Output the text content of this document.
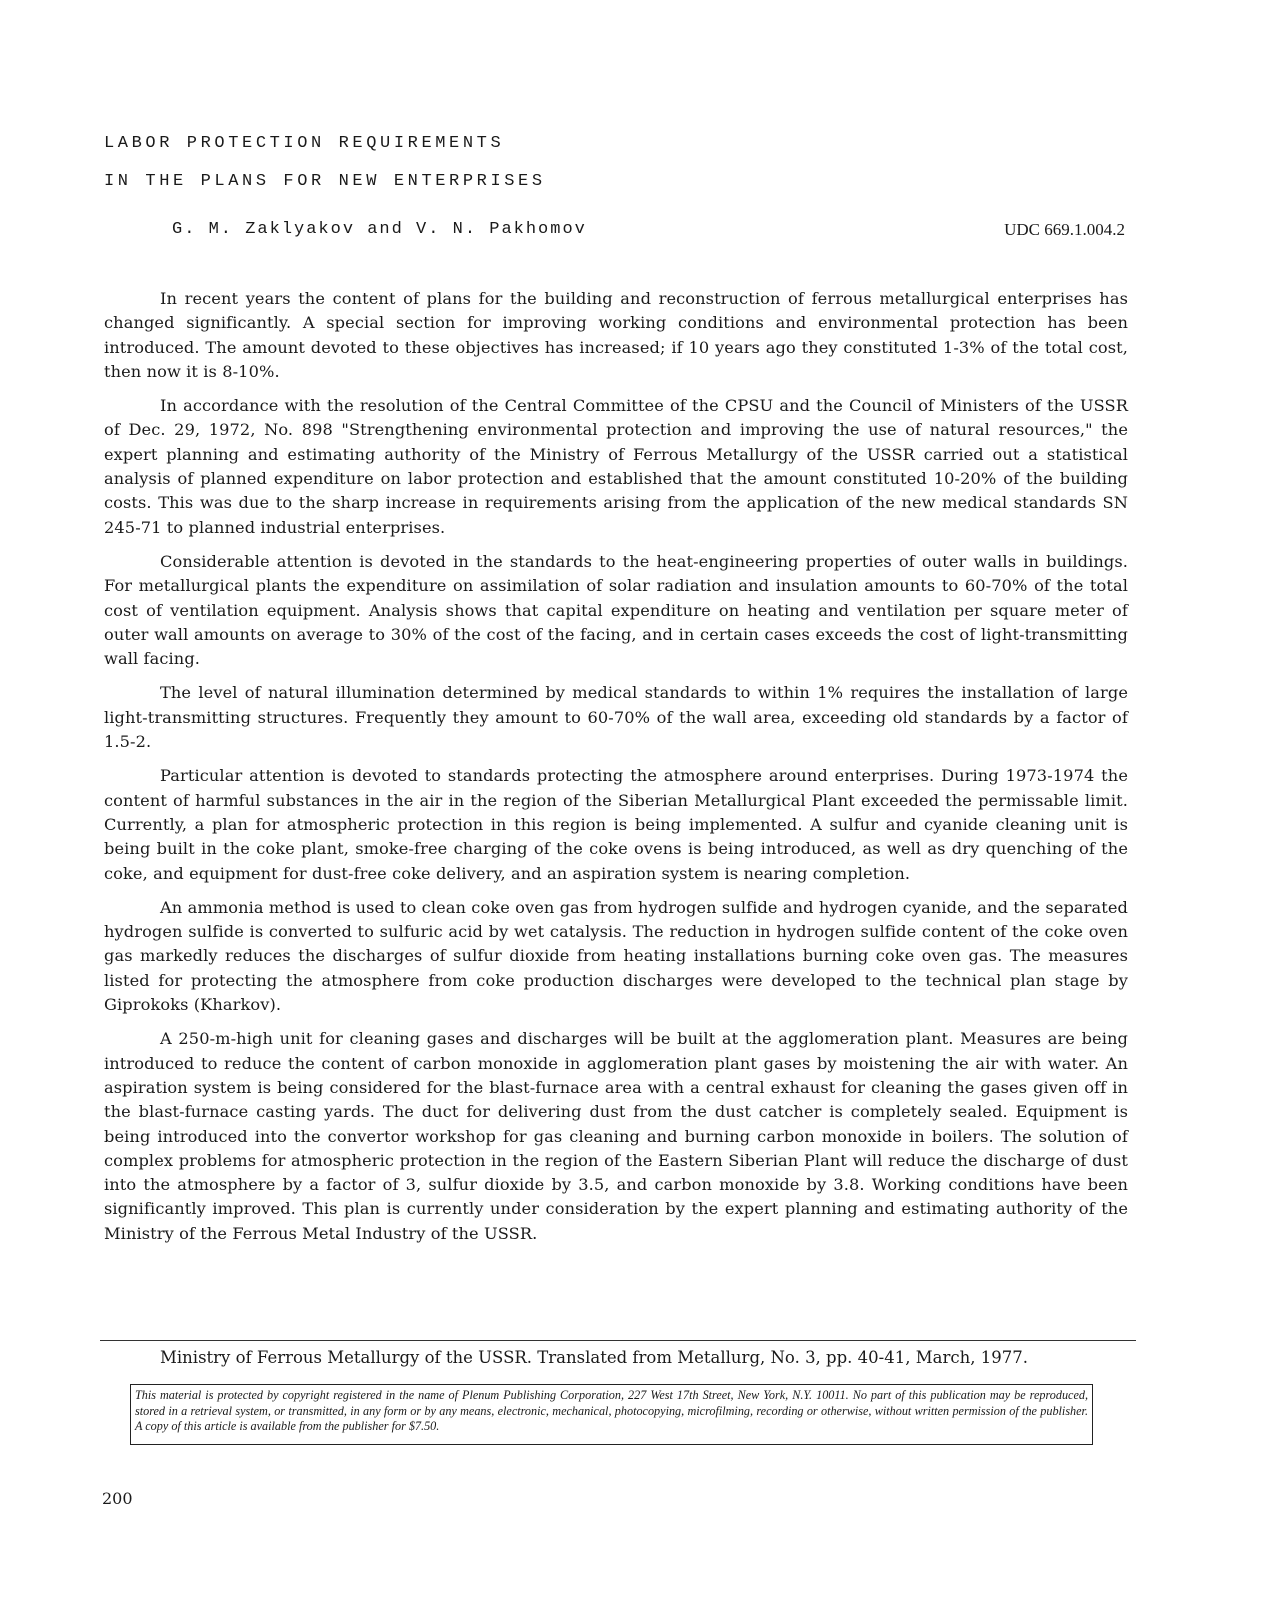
LABOR PROTECTION REQUIREMENTS
IN THE PLANS FOR NEW ENTERPRISES
G. M. Zaklyakov and V. N. Pakhomov	UDC 669.1.004.2

In recent years the content of plans for the building and reconstruction of ferrous metallurgical enterprises has changed significantly. A special section for improving working conditions and environmental protection has been introduced. The amount devoted to these objectives has increased; if 10 years ago they constituted 1-3% of the total cost, then now it is 8-10%.

In accordance with the resolution of the Central Committee of the CPSU and the Council of Ministers of the USSR of Dec. 29, 1972, No. 898 "Strengthening environmental protection and improving the use of natural resources," the expert planning and estimating authority of the Ministry of Ferrous Metallurgy of the USSR carried out a statistical analysis of planned expenditure on labor protection and established that the amount constituted 10-20% of the building costs. This was due to the sharp increase in requirements arising from the application of the new medical standards SN 245-71 to planned industrial enterprises.

Considerable attention is devoted in the standards to the heat-engineering properties of outer walls in buildings. For metallurgical plants the expenditure on assimilation of solar radiation and insulation amounts to 60-70% of the total cost of ventilation equipment. Analysis shows that capital expenditure on heating and ventilation per square meter of outer wall amounts on average to 30% of the cost of the facing, and in certain cases exceeds the cost of light-transmitting wall facing.

The level of natural illumination determined by medical standards to within 1% requires the installation of large light-transmitting structures. Frequently they amount to 60-70% of the wall area, exceeding old standards by a factor of 1.5-2.

Particular attention is devoted to standards protecting the atmosphere around enterprises. During 1973-1974 the content of harmful substances in the air in the region of the Siberian Metallurgical Plant exceeded the permissable limit. Currently, a plan for atmospheric protection in this region is being implemented. A sulfur and cyanide cleaning unit is being built in the coke plant, smoke-free charging of the coke ovens is being introduced, as well as dry quenching of the coke, and equipment for dust-free coke delivery, and an aspiration system is nearing completion.

An ammonia method is used to clean coke oven gas from hydrogen sulfide and hydrogen cyanide, and the separated hydrogen sulfide is converted to sulfuric acid by wet catalysis. The reduction in hydrogen sulfide content of the coke oven gas markedly reduces the discharges of sulfur dioxide from heating installations burning coke oven gas. The measures listed for protecting the atmosphere from coke production discharges were developed to the technical plan stage by Giprokoks (Kharkov).

A 250-m-high unit for cleaning gases and discharges will be built at the agglomeration plant. Measures are being introduced to reduce the content of carbon monoxide in agglomeration plant gases by moistening the air with water. An aspiration system is being considered for the blast-furnace area with a central exhaust for cleaning the gases given off in the blast-furnace casting yards. The duct for delivering dust from the dust catcher is completely sealed. Equipment is being introduced into the convertor workshop for gas cleaning and burning carbon monoxide in boilers. The solution of complex problems for atmospheric protection in the region of the Eastern Siberian Plant will reduce the discharge of dust into the atmosphere by a factor of 3, sulfur dioxide by 3.5, and carbon monoxide by 3.8. Working conditions have been significantly improved. This plan is currently under consideration by the expert planning and estimating authority of the Ministry of the Ferrous Metal Industry of the USSR.

Ministry of Ferrous Metallurgy of the USSR. Translated from Metallurg, No. 3, pp. 40-41, March, 1977.
This material is protected by copyright registered in the name of Plenum Publishing Corporation, 227 West 17th Street, New York, N.Y. 10011. No part of this publication may be reproduced, stored in a retrieval system, or transmitted, in any form or by any means, electronic, mechanical, photocopying, microfilming, recording or otherwise, without written permission of the publisher. A copy of this article is available from the publisher for $7.50.
200
